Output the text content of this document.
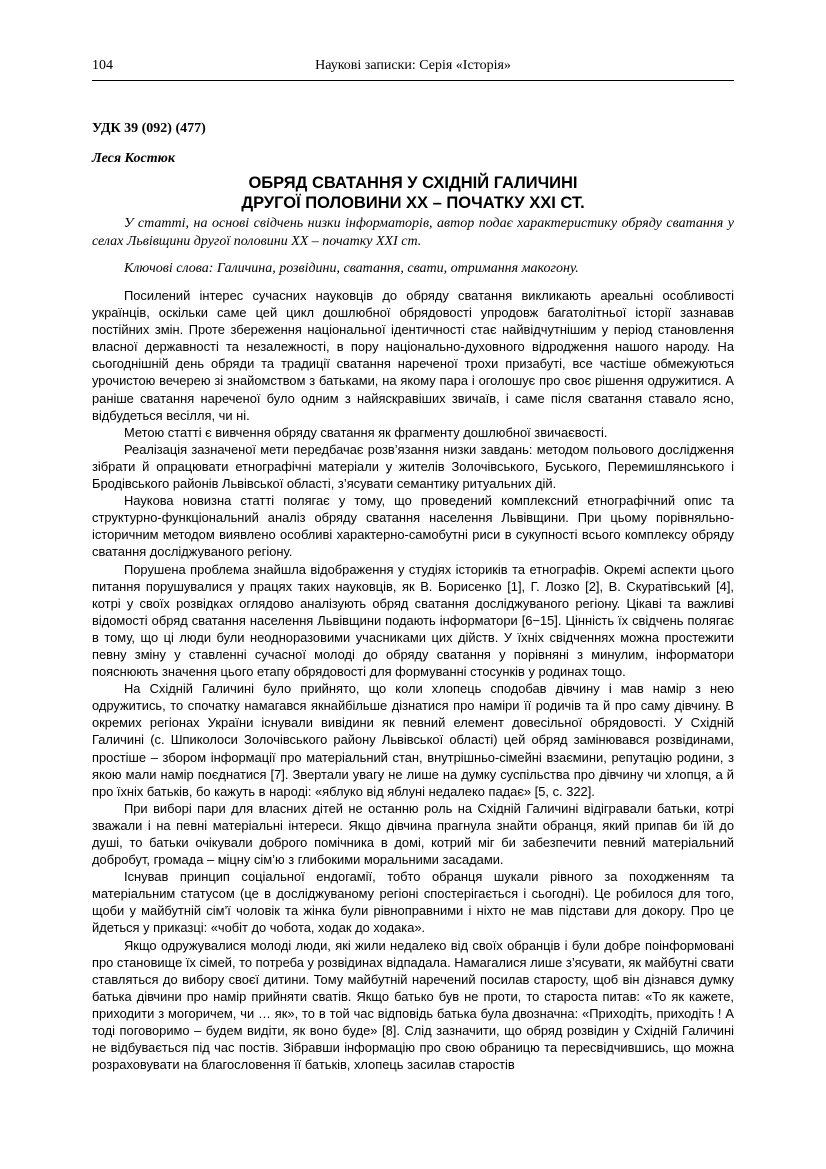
104	Наукові записки: Серія «Історія»

УДК 39 (092) (477)

Леся Костюк

ОБРЯД СВАТАННЯ У СХІДНІЙ ГАЛИЧИНІ
ДРУГОЇ ПОЛОВИНИ ХХ – ПОЧАТКУ ХХІ СТ.

У статті, на основі свідчень низки інформаторів, автор подає характеристику обряду сватання у селах Львівщини другої половини ХХ – початку ХХІ ст.

Ключові слова: Галичина, розвідини, сватання, свати, отримання макогону.

Посилений інтерес сучасних науковців до обряду сватання викликають ареальні особливості українців, оскільки саме цей цикл дошлюбної обрядовості упродовж багатолітньої історії зазнавав постійних змін. Проте збереження національної ідентичності стає найвідчутнішим у період становлення власної державності та незалежності, в пору національно-духовного відродження нашого народу. На сьогоднішній день обряди та традиції сватання нареченої трохи призабуті, все частіше обмежуються урочистою вечерею зі знайомством з батьками, на якому пара і оголошує про своє рішення одружитися. А раніше сватання нареченої було одним з найяскравіших звичаїв, і саме після сватання ставало ясно, відбудеться весілля, чи ні.

Метою статті є вивчення обряду сватання як фрагменту дошлюбної звичаєвості.

Реалізація зазначеної мети передбачає розв’язання низки завдань: методом польового дослідження зібрати й опрацювати етнографічні матеріали у жителів Золочівського, Буського, Перемишлянського і Бродівського районів Львівської області, з’ясувати семантику ритуальних дій.

Наукова новизна статті полягає у тому, що проведений комплексний етнографічний опис та структурно-функціональний аналіз обряду сватання населення Львівщини. При цьому порівняльно-історичним методом виявлено особливі характерно-самобутні риси в сукупності всього комплексу обряду сватання досліджуваного регіону.

Порушена проблема знайшла відображення у студіях істориків та етнографів. Окремі аспекти цього питання порушувалися у працях таких науковців, як В. Борисенко [1], Г. Лозко [2], В. Скуратівський [4], котрі у своїх розвідках оглядово аналізують обряд сватання досліджуваного регіону. Цікаві та важливі відомості обряд сватання населення Львівщини подають інформатори [6−15]. Цінність їх свідчень полягає в тому, що ці люди були неодноразовими учасниками цих дійств. У їхніх свідченнях можна простежити певну зміну у ставленні сучасної молоді до обряду сватання у порівняні з минулим, інформатори пояснюють значення цього етапу обрядовості для формуванні стосунків у родинах тощо.

На Східній Галичині було прийнято, що коли хлопець сподобав дівчину і мав намір з нею одружитись, то спочатку намагався якнайбільше дізнатися про наміри її родичів та й про саму дівчину. В окремих регіонах України існували вивідини як певний елемент довесільної обрядовості. У Східній Галичині (с. Шпиколоси Золочівського району Львівської області) цей обряд замінювався розвідинами, простіше – збором інформації про матеріальний стан, внутрішньо-сімейні взаємини, репутацію родини, з якою мали намір поєднатися [7]. Звертали увагу не лише на думку суспільства про дівчину чи хлопця, а й про їхніх батьків, бо кажуть в народі: «яблуко від яблуні недалеко падає» [5, с. 322].

При виборі пари для власних дітей не останню роль на Східній Галичині відігравали батьки, котрі зважали і на певні матеріальні інтереси. Якщо дівчина прагнула знайти обранця, який припав би їй до душі, то батьки очікували доброго помічника в домі, котрий міг би забезпечити певний матеріальний добробут, громада – міцну сім’ю з глибокими моральними засадами.

Існував принцип соціальної ендогамії, тобто обранця шукали рівного за походженням та матеріальним статусом (це в досліджуваному регіоні спостерігається і сьогодні). Це робилося для того, щоби у майбутній сім’ї чоловік та жінка були рівноправними і ніхто не мав підстави для докору. Про це йдеться у приказці: «чобіт до чобота, ходак до ходака».

Якщо одружувалися молоді люди, які жили недалеко від своїх обранців і були добре поінформовані про становище їх сімей, то потреба у розвідинах відпадала. Намагалися лише з’ясувати, як майбутні свати ставляться до вибору своєї дитини. Тому майбутній наречений посилав старосту, щоб він дізнався думку батька дівчини про намір прийняти сватів. Якщо батько був не проти, то староста питав: «То як кажете, приходити з могоричем, чи … як», то в той час відповідь батька була двозначна: «Приходіть, приходіть ! А тоді поговоримо – будем видіти, як воно буде» [8]. Слід зазначити, що обряд розвідин у Східній Галичині не відбувається під час постів. Зібравши інформацію про свою обраницю та пересвідчившись, що можна розраховувати на благословення її батьків, хлопець засилав старостів
